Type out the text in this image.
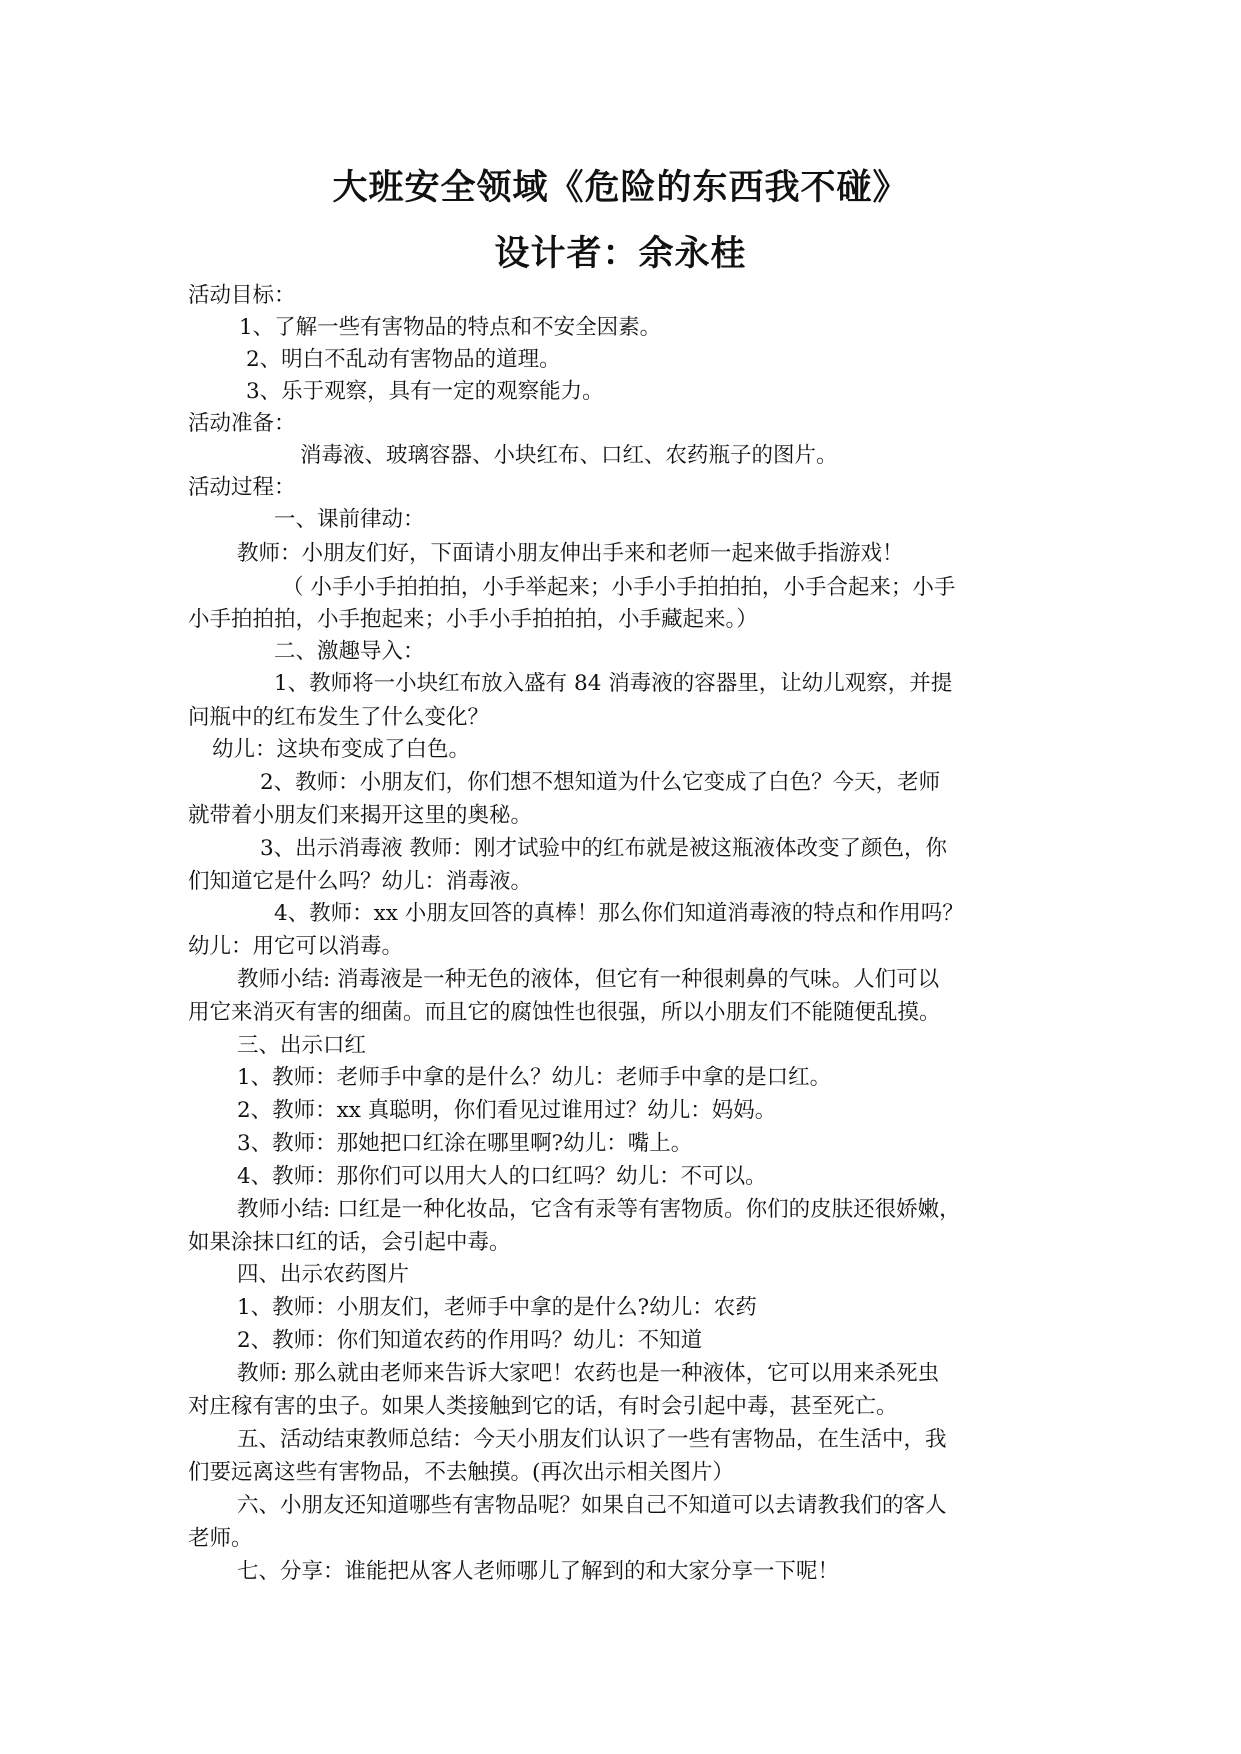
大班安全领域《危险的东西我不碰》
设计者：余永桂
活动目标：
1、了解一些有害物品的特点和不安全因素。
2、明白不乱动有害物品的道理。
3、乐于观察，具有一定的观察能力。
活动准备：
消毒液、玻璃容器、小块红布、口红、农药瓶子的图片。
活动过程：
一、课前律动：
教师：小朋友们好，下面请小朋友伸出手来和老师一起来做手指游戏！
（ 小手小手拍拍拍，小手举起来；小手小手拍拍拍，小手合起来；小手
小手拍拍拍，小手抱起来；小手小手拍拍拍，小手藏起来。）
二、激趣导入：
1、教师将一小块红布放入盛有 84 消毒液的容器里，让幼儿观察，并提
问瓶中的红布发生了什么变化？
幼儿：这块布变成了白色。
2、教师：小朋友们，你们想不想知道为什么它变成了白色？今天，老师
就带着小朋友们来揭开这里的奥秘。
3、出示消毒液 教师：刚才试验中的红布就是被这瓶液体改变了颜色，你
们知道它是什么吗？幼儿：消毒液。
4、教师：xx 小朋友回答的真棒！那么你们知道消毒液的特点和作用吗？
幼儿：用它可以消毒。
教师小结: 消毒液是一种无色的液体，但它有一种很刺鼻的气味。人们可以
用它来消灭有害的细菌。而且它的腐蚀性也很强，所以小朋友们不能随便乱摸。
三、出示口红
1、教师：老师手中拿的是什么？幼儿：老师手中拿的是口红。
2、教师：xx 真聪明，你们看见过谁用过？幼儿：妈妈。
3、教师：那她把口红涂在哪里啊?幼儿：嘴上。
4、教师：那你们可以用大人的口红吗？幼儿：不可以。
教师小结: 口红是一种化妆品，它含有汞等有害物质。你们的皮肤还很娇嫩，
如果涂抹口红的话，会引起中毒。
四、出示农药图片
1、教师：小朋友们，老师手中拿的是什么?幼儿：农药
2、教师：你们知道农药的作用吗？幼儿：不知道
教师: 那么就由老师来告诉大家吧！农药也是一种液体，它可以用来杀死虫
对庄稼有害的虫子。如果人类接触到它的话，有时会引起中毒，甚至死亡。
五、活动结束教师总结：今天小朋友们认识了一些有害物品，在生活中，我
们要远离这些有害物品，不去触摸。(再次出示相关图片）
六、小朋友还知道哪些有害物品呢？如果自己不知道可以去请教我们的客人
老师。
七、分享：谁能把从客人老师哪儿了解到的和大家分享一下呢！
